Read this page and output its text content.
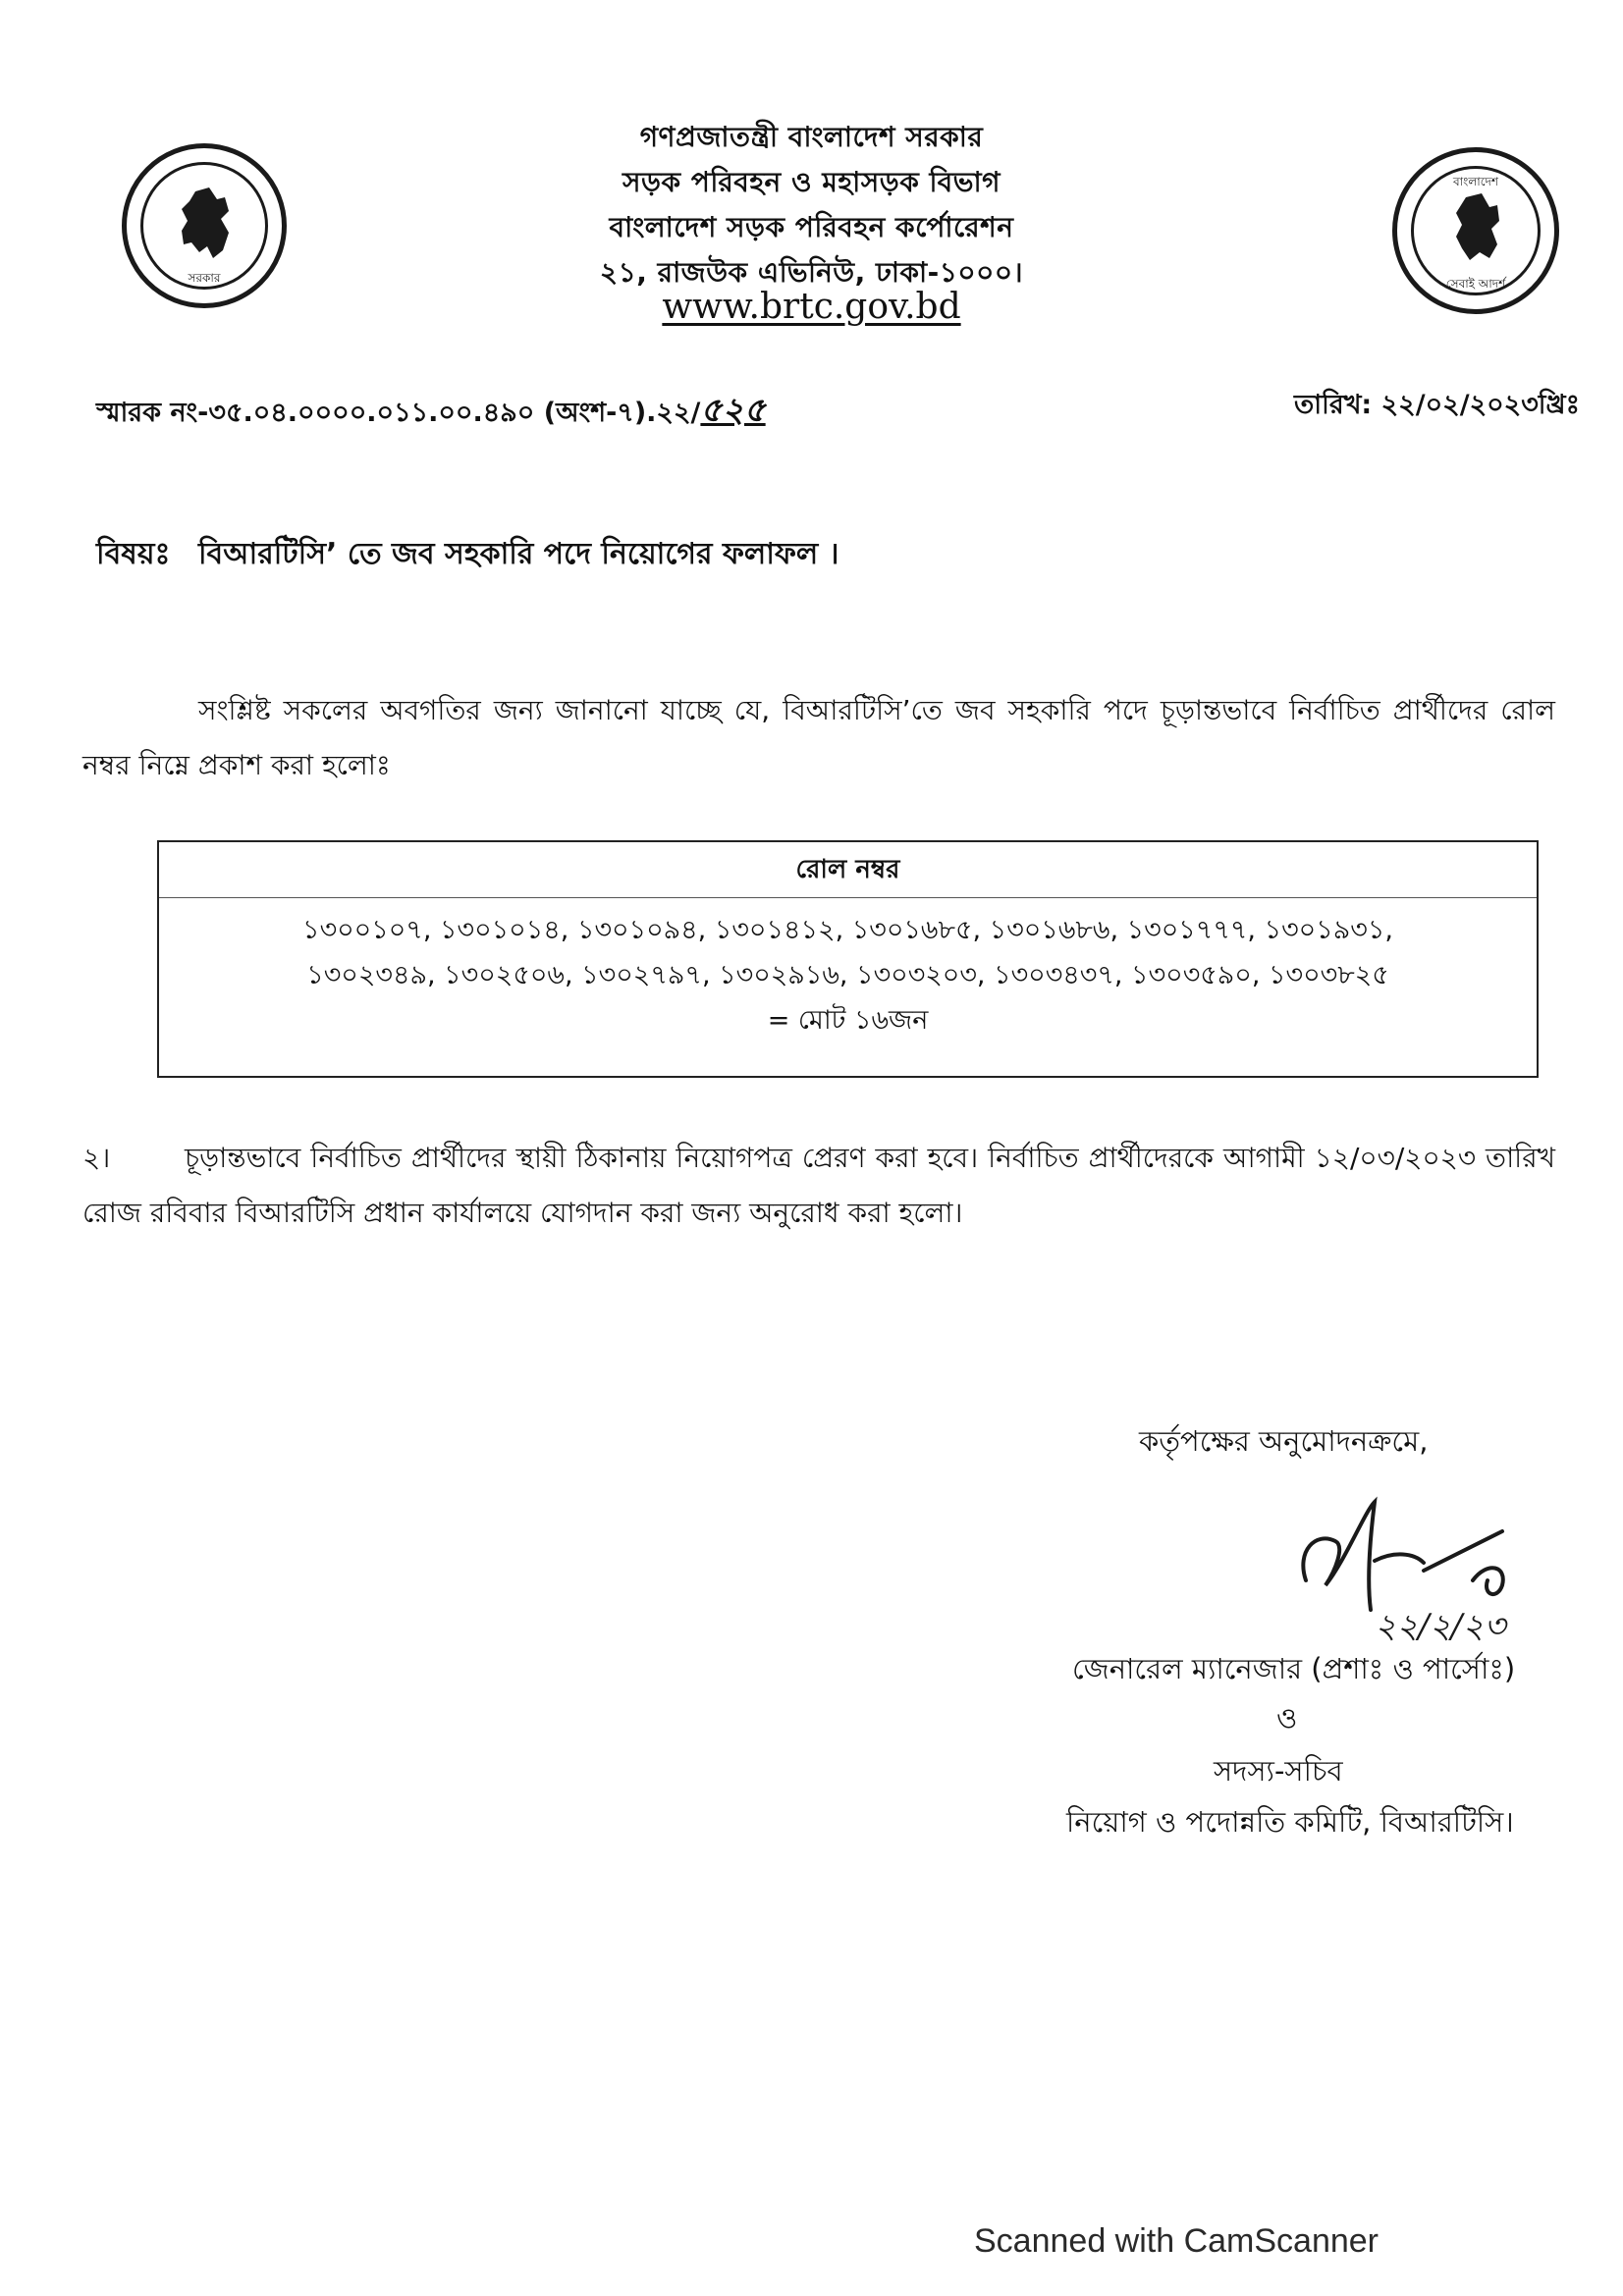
সরকার
বাংলাদেশ
সেবাই আদর্শ
গণপ্রজাতন্ত্রী বাংলাদেশ সরকার
সড়ক পরিবহন ও মহাসড়ক বিভাগ
বাংলাদেশ সড়ক পরিবহন কর্পোরেশন
২১, রাজউক এভিনিউ, ঢাকা-১০০০।
www.brtc.gov.bd
স্মারক নং-৩৫.০৪.০০০০.০১১.০০.৪৯০ (অংশ-৭).২২/৫২৫	তারিখ: ২২/০২/২০২৩খ্রিঃ
বিষয়ঃ বিআরটিসি’ তে জব সহকারি পদে নিয়োগের ফলাফল ।
সংশ্লিষ্ট সকলের অবগতির জন্য জানানো যাচ্ছে যে, বিআরটিসি’তে জব সহকারি পদে চূড়ান্তভাবে নির্বাচিত প্রার্থীদের রোল নম্বর নিম্নে প্রকাশ করা হলোঃ
রোল নম্বর
১৩০০১০৭, ১৩০১০১৪, ১৩০১০৯৪, ১৩০১৪১২, ১৩০১৬৮৫, ১৩০১৬৮৬, ১৩০১৭৭৭, ১৩০১৯৩১,
১৩০২৩৪৯, ১৩০২৫০৬, ১৩০২৭৯৭, ১৩০২৯১৬, ১৩০৩২০৩, ১৩০৩৪৩৭, ১৩০৩৫৯০, ১৩০৩৮২৫
= মোট ১৬জন
২।	চূড়ান্তভাবে নির্বাচিত প্রার্থীদের স্থায়ী ঠিকানায় নিয়োগপত্র প্রেরণ করা হবে। নির্বাচিত প্রার্থীদেরকে আগামী ১২/০৩/২০২৩ তারিখ রোজ রবিবার বিআরটিসি প্রধান কার্যালয়ে যোগদান করা জন্য অনুরোধ করা হলো।
কর্তৃপক্ষের অনুমোদনক্রমে,
২২/২/২৩
জেনারেল ম্যানেজার (প্রশাঃ ও পার্সোঃ)
ও
সদস্য-সচিব
নিয়োগ ও পদোন্নতি কমিটি, বিআরটিসি।
Scanned with CamScanner
